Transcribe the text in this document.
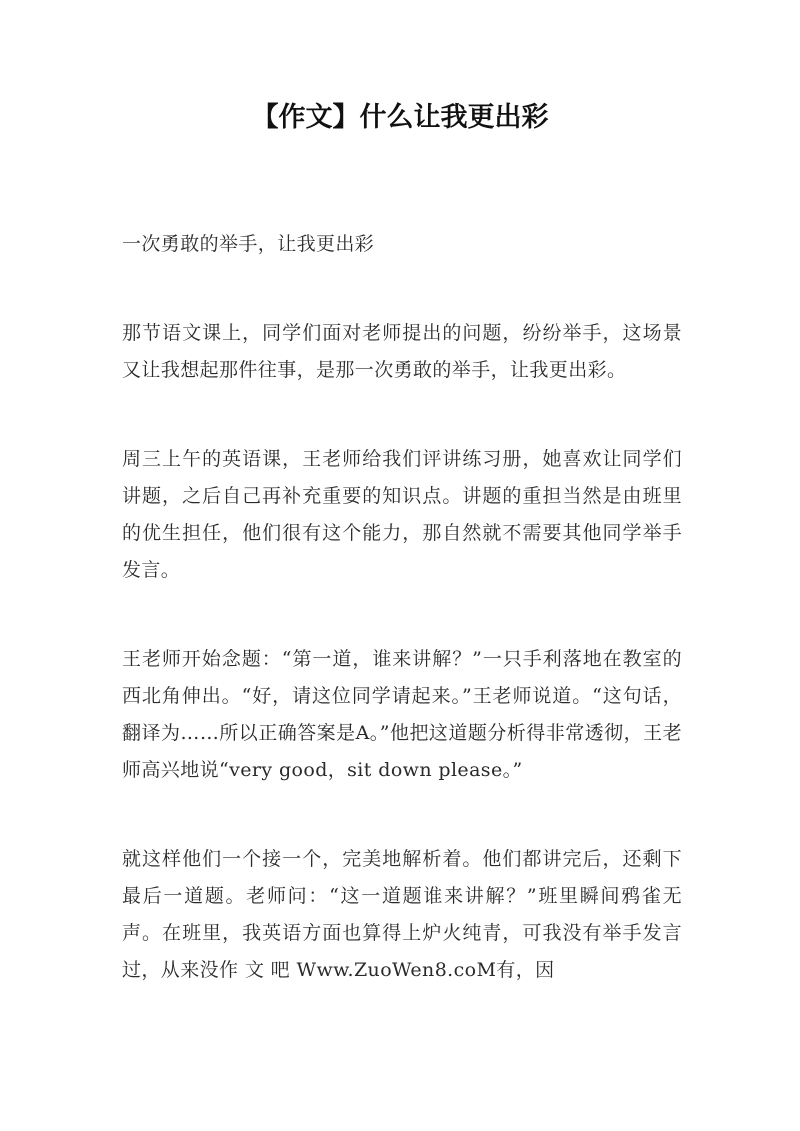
【作文】什么让我更出彩

一次勇敢的举手，让我更出彩

那节语文课上，同学们面对老师提出的问题，纷纷举手，这场景又让我想起那件往事，是那一次勇敢的举手，让我更出彩。

周三上午的英语课，王老师给我们评讲练习册，她喜欢让同学们讲题，之后自己再补充重要的知识点。讲题的重担当然是由班里的优生担任，他们很有这个能力，那自然就不需要其他同学举手发言。

王老师开始念题：“第一道，谁来讲解？”一只手利落地在教室的西北角伸出。“好，请这位同学请起来。”王老师说道。“这句话，翻译为……所以正确答案是A。”他把这道题分析得非常透彻，王老师高兴地说“very good，sit down please。”

就这样他们一个接一个，完美地解析着。他们都讲完后，还剩下最后一道题。老师问：“这一道题谁来讲解？”班里瞬间鸦雀无声。在班里，我英语方面也算得上炉火纯青，可我没有举手发言过，从来没作 文 吧 Www.ZuoWen8.coM有，因
